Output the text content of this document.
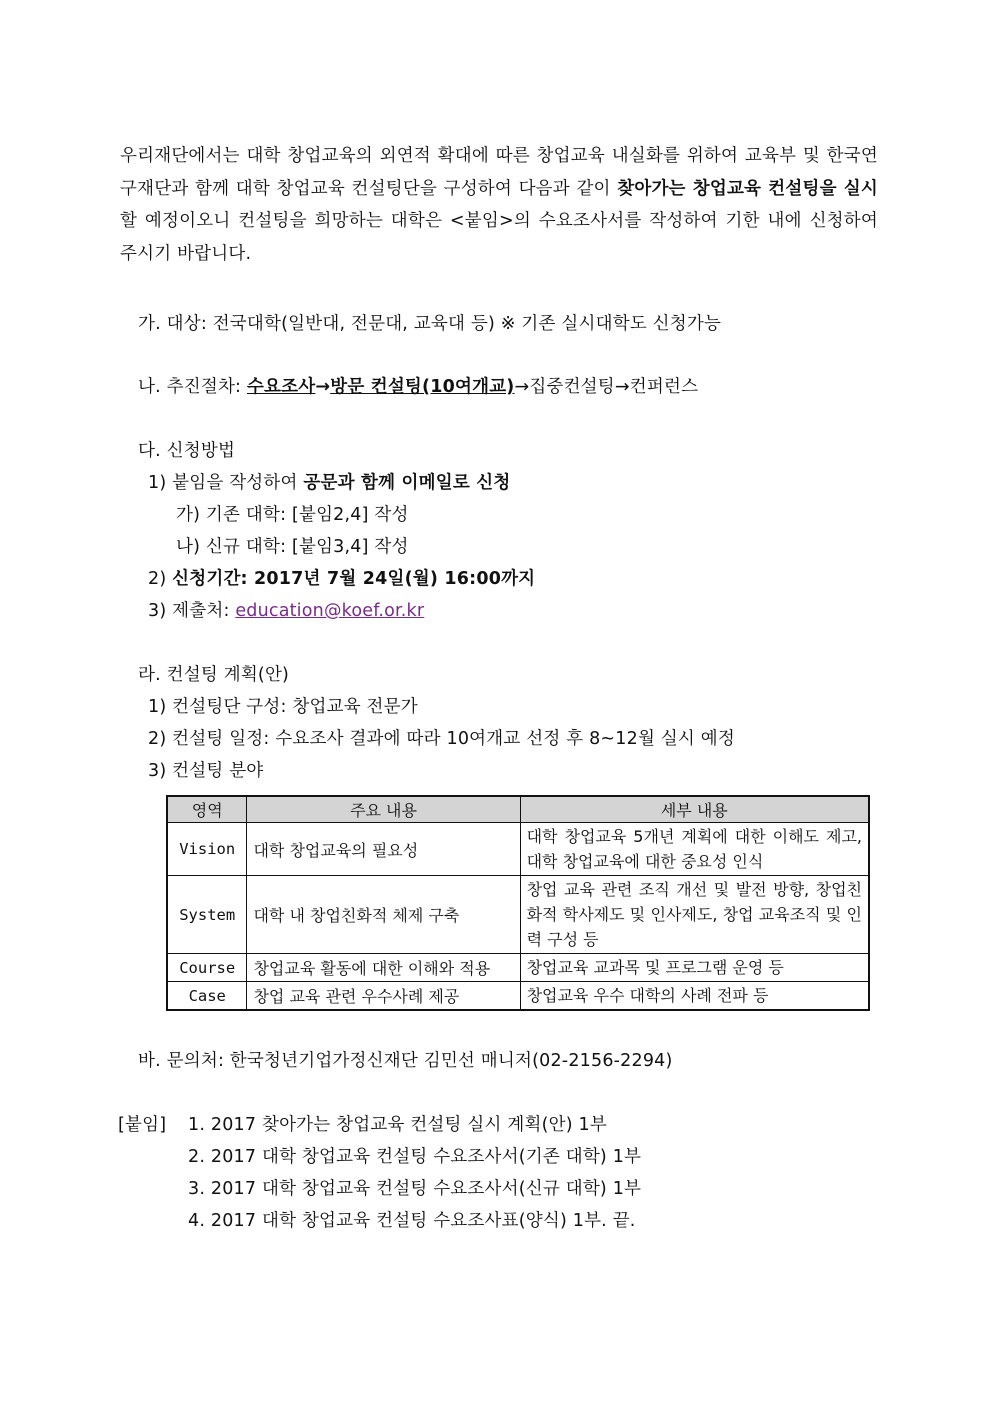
우리재단에서는 대학 창업교육의 외연적 확대에 따른 창업교육 내실화를 위하여 교육부 및 한국연구재단과 함께 대학 창업교육 컨설팅단을 구성하여 다음과 같이 찾아가는 창업교육 컨설팅을 실시할 예정이오니 컨설팅을 희망하는 대학은 <붙임>의 수요조사서를 작성하여 기한 내에 신청하여 주시기 바랍니다.
가. 대상: 전국대학(일반대, 전문대, 교육대 등) ※ 기존 실시대학도 신청가능
나. 추진절차: 수요조사→방문 컨설팅(10여개교)→집중컨설팅→컨퍼런스
다. 신청방법
1) 붙임을 작성하여 공문과 함께 이메일로 신청
가) 기존 대학: [붙임2,4] 작성
나) 신규 대학: [붙임3,4] 작성
2) 신청기간: 2017년 7월 24일(월) 16:00까지
3) 제출처: education@koef.or.kr
라. 컨설팅 계획(안)
1) 컨설팅단 구성: 창업교육 전문가
2) 컨설팅 일정: 수요조사 결과에 따라 10여개교 선정 후 8~12월 실시 예정
3) 컨설팅 분야
영역	주요 내용	세부 내용
Vision	대학 창업교육의 필요성	대학 창업교육 5개년 계획에 대한 이해도 제고, 대학 창업교육에 대한 중요성 인식
System	대학 내 창업친화적 체제 구축	창업 교육 관련 조직 개선 및 발전 방향, 창업친화적 학사제도 및 인사제도, 창업 교육조직 및 인력 구성 등
Course	창업교육 활동에 대한 이해와 적용	창업교육 교과목 및 프로그램 운영 등
Case	창업 교육 관련 우수사례 제공	창업교육 우수 대학의 사례 전파 등
바. 문의처: 한국청년기업가정신재단 김민선 매니저(02-2156-2294)
[붙임] 1. 2017 찾아가는 창업교육 컨설팅 실시 계획(안) 1부
2. 2017 대학 창업교육 컨설팅 수요조사서(기존 대학) 1부
3. 2017 대학 창업교육 컨설팅 수요조사서(신규 대학) 1부
4. 2017 대학 창업교육 컨설팅 수요조사표(양식) 1부. 끝.
